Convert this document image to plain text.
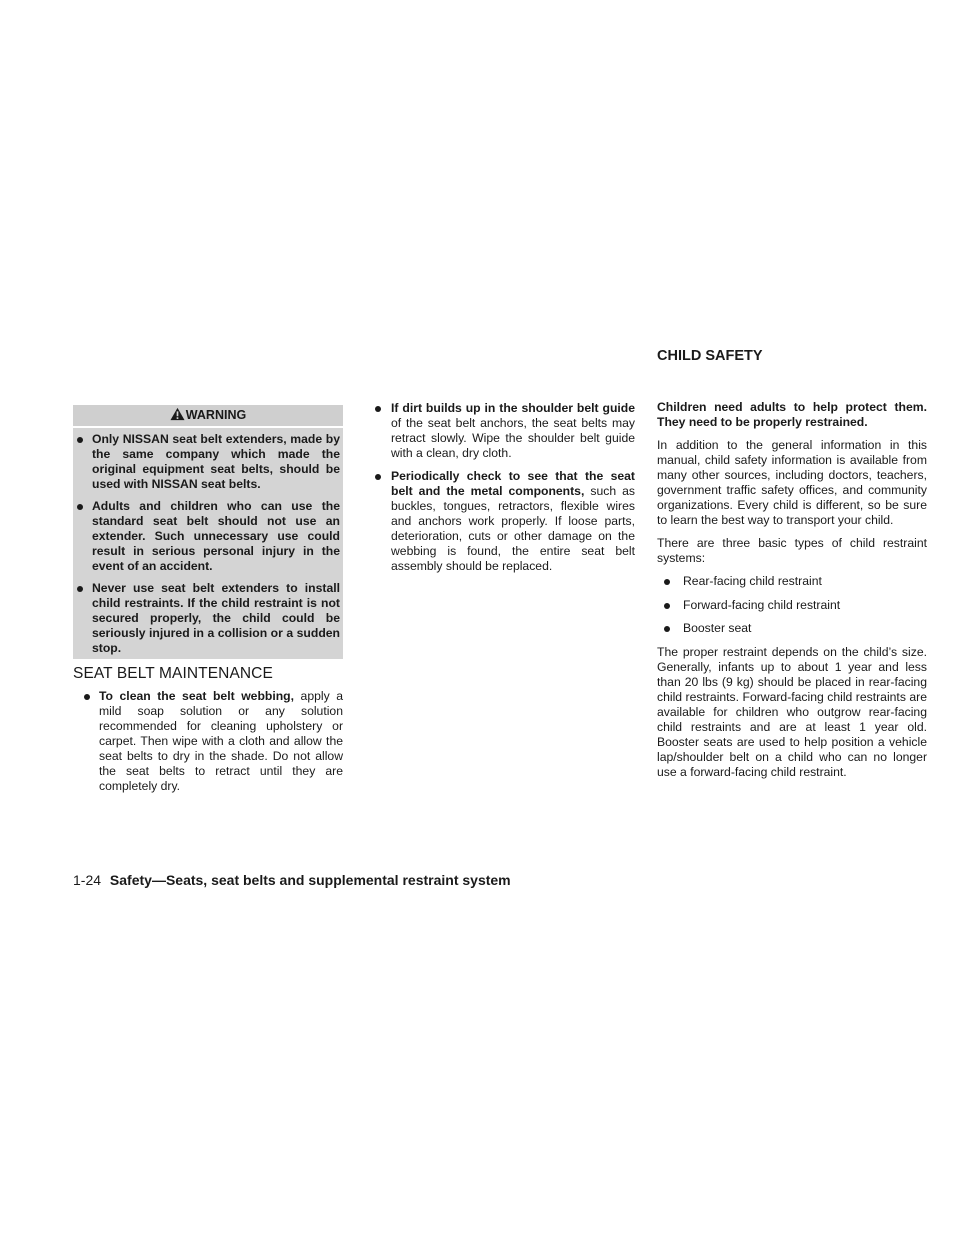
WARNING
Only NISSAN seat belt extenders, made by the same company which made the original equipment seat belts, should be used with NISSAN seat belts.
Adults and children who can use the standard seat belt should not use an extender. Such unnecessary use could result in serious personal injury in the event of an accident.
Never use seat belt extenders to install child restraints. If the child restraint is not secured properly, the child could be seriously injured in a collision or a sudden stop.
SEAT BELT MAINTENANCE
To clean the seat belt webbing, apply a mild soap solution or any solution recommended for cleaning upholstery or carpet. Then wipe with a cloth and allow the seat belts to dry in the shade. Do not allow the seat belts to retract until they are completely dry.
If dirt builds up in the shoulder belt guide of the seat belt anchors, the seat belts may retract slowly. Wipe the shoulder belt guide with a clean, dry cloth.
Periodically check to see that the seat belt and the metal components, such as buckles, tongues, retractors, flexible wires and anchors work properly. If loose parts, deterioration, cuts or other damage on the webbing is found, the entire seat belt assembly should be replaced.
CHILD SAFETY

Children need adults to help protect them. They need to be properly restrained.

In addition to the general information in this manual, child safety information is available from many other sources, including doctors, teachers, government traffic safety offices, and community organizations. Every child is different, so be sure to learn the best way to transport your child.

There are three basic types of child restraint systems:

Rear-facing child restraint
Forward-facing child restraint
Booster seat

The proper restraint depends on the child’s size. Generally, infants up to about 1 year and less than 20 lbs (9 kg) should be placed in rear-facing child restraints. Forward-facing child restraints are available for children who outgrow rear-facing child restraints and are at least 1 year old. Booster seats are used to help position a vehicle lap/shoulder belt on a child who can no longer use a forward-facing child restraint.

1-24 Safety—Seats, seat belts and supplemental restraint system
